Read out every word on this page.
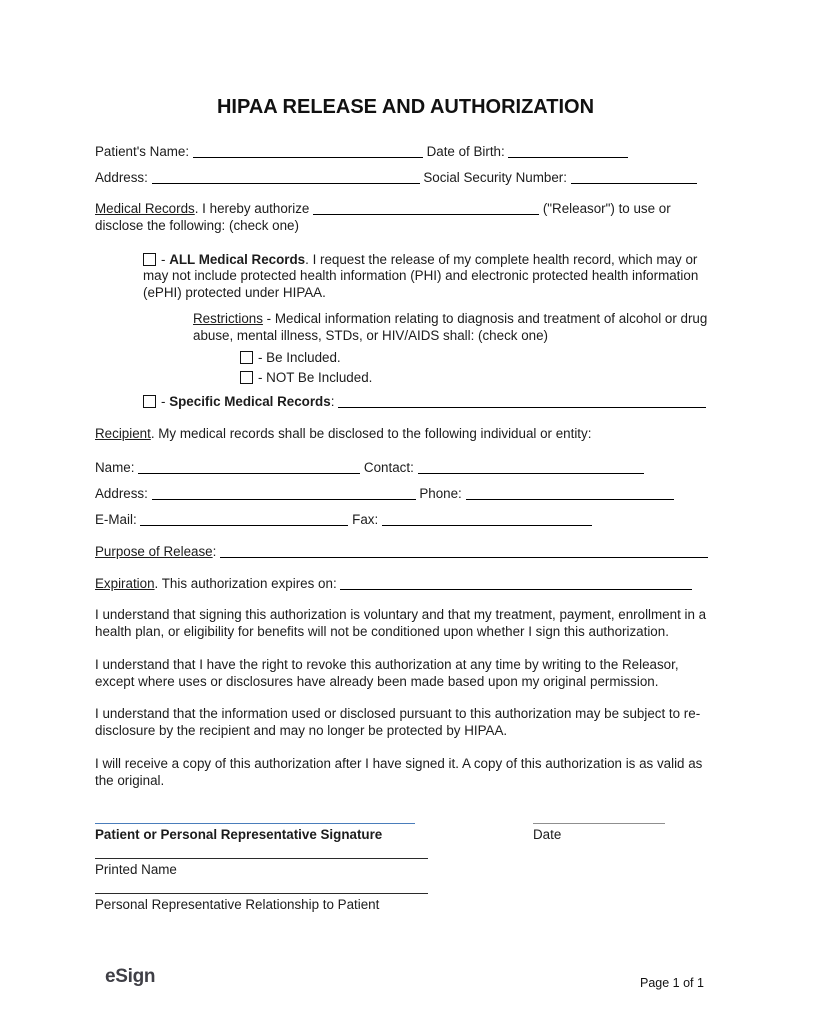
HIPAA RELEASE AND AUTHORIZATION
Patient's Name:	Date of Birth:
Address:	Social Security Number:

Medical Records. I hereby authorize	("Releasor") to use or disclose the following: (check one)

- ALL Medical Records. I request the release of my complete health record, which may or may not include protected health information (PHI) and electronic protected health information (ePHI) protected under HIPAA.

Restrictions - Medical information relating to diagnosis and treatment of alcohol or drug abuse, mental illness, STDs, or HIV/AIDS shall: (check one)

- Be Included.
- NOT Be Included.

- Specific Medical Records:

Recipient. My medical records shall be disclosed to the following individual or entity:

Name:	Contact:
Address:	Phone:
E-Mail:	Fax:
Purpose of Release:
Expiration. This authorization expires on:

I understand that signing this authorization is voluntary and that my treatment, payment, enrollment in a health plan, or eligibility for benefits will not be conditioned upon whether I sign this authorization.

I understand that I have the right to revoke this authorization at any time by writing to the Releasor, except where uses or disclosures have already been made based upon my original permission.

I understand that the information used or disclosed pursuant to this authorization may be subject to re-disclosure by the recipient and may no longer be protected by HIPAA.

I will receive a copy of this authorization after I have signed it. A copy of this authorization is as valid as the original.

Patient or Personal Representative Signature	Date
Printed Name
Personal Representative Relationship to Patient
eSign	Page 1 of 1
